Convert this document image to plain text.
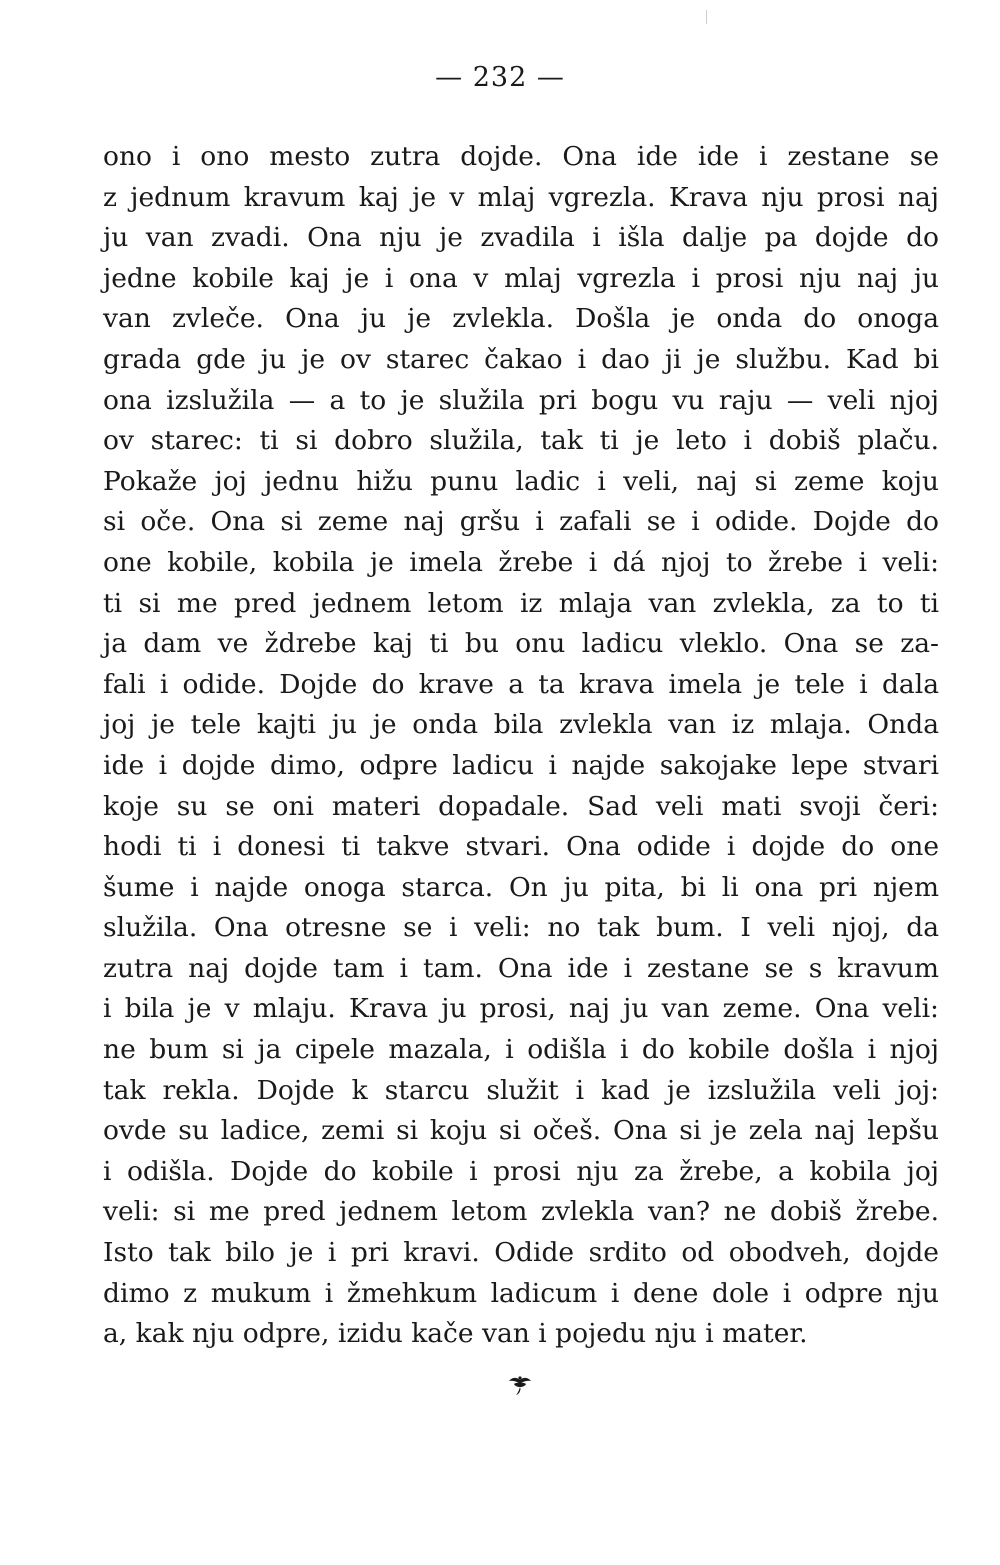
— 232 —
ono i ono mesto zutra dojde. Ona ide ide i zestane se
z jednum kravum kaj je v mlaj vgrezla. Krava nju prosi naj
ju van zvadi. Ona nju je zvadila i išla dalje pa dojde do
jedne kobile kaj je i ona v mlaj vgrezla i prosi nju naj ju
van zvleče. Ona ju je zvlekla. Došla je onda do onoga
grada gde ju je ov starec čakao i dao ji je službu. Kad bi
ona izslužila — a to je služila pri bogu vu raju — veli njoj
ov starec: ti si dobro služila, tak ti je leto i dobiš plaču.
Pokaže joj jednu hižu punu ladic i veli, naj si zeme koju
si oče. Ona si zeme naj gršu i zafali se i odide. Dojde do
one kobile, kobila je imela žrebe i dá njoj to žrebe i veli:
ti si me pred jednem letom iz mlaja van zvlekla, za to ti
ja dam ve ždrebe kaj ti bu onu ladicu vleklo. Ona se za-
fali i odide. Dojde do krave a ta krava imela je tele i dala
joj je tele kajti ju je onda bila zvlekla van iz mlaja. Onda
ide i dojde dimo, odpre ladicu i najde sakojake lepe stvari
koje su se oni materi dopadale. Sad veli mati svoji čeri:
hodi ti i donesi ti takve stvari. Ona odide i dojde do one
šume i najde onoga starca. On ju pita, bi li ona pri njem
služila. Ona otresne se i veli: no tak bum. I veli njoj, da
zutra naj dojde tam i tam. Ona ide i zestane se s kravum
i bila je v mlaju. Krava ju prosi, naj ju van zeme. Ona veli:
ne bum si ja cipele mazala, i odišla i do kobile došla i njoj
tak rekla. Dojde k starcu služit i kad je izslužila veli joj:
ovde su ladice, zemi si koju si očeš. Ona si je zela naj lepšu
i odišla. Dojde do kobile i prosi nju za žrebe, a kobila joj
veli: si me pred jednem letom zvlekla van? ne dobiš žrebe.
Isto tak bilo je i pri kravi. Odide srdito od obodveh, dojde
dimo z mukum i žmehkum ladicum i dene dole i odpre nju
a, kak nju odpre, izidu kače van i pojedu nju i mater.
